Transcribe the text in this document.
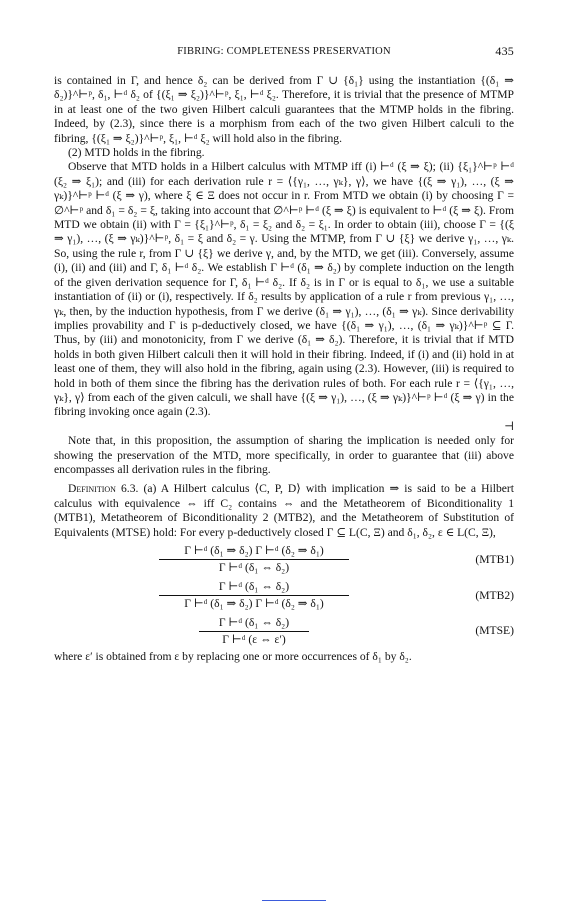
FIBRING: COMPLETENESS PRESERVATION	435

is contained in Γ, and hence δ₂ can be derived from Γ ∪ {δ₁} using the instantiation {(δ₁ ⇒ δ₂)}^⊢ᵖ, δ₁, ⊢ᵈ δ₂ of {(ξ₁ ⇒ ξ₂)}^⊢ᵖ, ξ₁, ⊢ᵈ ξ₂. Therefore, it is trivial that the presence of MTMP in at least one of the two given Hilbert calculi guarantees that the MTMP holds in the fibring. Indeed, by (2.3), since there is a morphism from each of the two given Hilbert calculi to the fibring, {(ξ₁ ⇒ ξ₂)}^⊢ᵖ, ξ₁, ⊢ᵈ ξ₂ will hold also in the fibring.

(2) MTD holds in the fibring.

Observe that MTD holds in a Hilbert calculus with MTMP iff (i) ⊢ᵈ (ξ ⇒ ξ); (ii) {ξ₁}^⊢ᵖ ⊢ᵈ (ξ₂ ⇒ ξ₁); and (iii) for each derivation rule r = ⟨{γ₁, …, γₖ}, γ⟩, we have {(ξ ⇒ γ₁), …, (ξ ⇒ γₖ)}^⊢ᵖ ⊢ᵈ (ξ ⇒ γ), where ξ ∈ Ξ does not occur in r. From MTD we obtain (i) by choosing Γ = ∅^⊢ᵖ and δ₁ = δ₂ = ξ, taking into account that ∅^⊢ᵖ ⊢ᵈ (ξ ⇒ ξ) is equivalent to ⊢ᵈ (ξ ⇒ ξ). From MTD we obtain (ii) with Γ = {ξ₁}^⊢ᵖ, δ₁ = ξ₂ and δ₂ = ξ₁. In order to obtain (iii), choose Γ = {(ξ ⇒ γ₁), …, (ξ ⇒ γₖ)}^⊢ᵖ, δ₁ = ξ and δ₂ = γ. Using the MTMP, from Γ ∪ {ξ} we derive γ₁, …, γₖ. So, using the rule r, from Γ ∪ {ξ} we derive γ, and, by the MTD, we get (iii). Conversely, assume (i), (ii) and (iii) and Γ, δ₁ ⊢ᵈ δ₂. We establish Γ ⊢ᵈ (δ₁ ⇒ δ₂) by complete induction on the length of the given derivation sequence for Γ, δ₁ ⊢ᵈ δ₂. If δ₂ is in Γ or is equal to δ₁, we use a suitable instantiation of (ii) or (i), respectively. If δ₂ results by application of a rule r from previous γ₁, …, γₖ, then, by the induction hypothesis, from Γ we derive (δ₁ ⇒ γ₁), …, (δ₁ ⇒ γₖ). Since derivability implies provability and Γ is p-deductively closed, we have {(δ₁ ⇒ γ₁), …, (δ₁ ⇒ γₖ)}^⊢ᵖ ⊆ Γ. Thus, by (iii) and monotonicity, from Γ we derive (δ₁ ⇒ δ₂). Therefore, it is trivial that if MTD holds in both given Hilbert calculi then it will hold in their fibring. Indeed, if (i) and (ii) hold in at least one of them, they will also hold in the fibring, again using (2.3). However, (iii) is required to hold in both of them since the fibring has the derivation rules of both. For each rule r = ⟨{γ₁, …, γₖ}, γ⟩ from each of the given calculi, we shall have {(ξ ⇒ γ₁), …, (ξ ⇒ γₖ)}^⊢ᵖ ⊢ᵈ (ξ ⇒ γ) in the fibring invoking once again (2.3).

⊣

Note that, in this proposition, the assumption of sharing the implication is needed only for showing the preservation of the MTD, more specifically, in order to guarantee that (iii) above encompasses all derivation rules in the fibring.

Definition 6.3. (a) A Hilbert calculus ⟨C, P, D⟩ with implication ⇒ is said to be a Hilbert calculus with equivalence ⇔ iff C₂ contains ⇔ and the Metatheorem of Biconditionality 1 (MTB1), Metatheorem of Biconditionality 2 (MTB2), and the Metatheorem of Substitution of Equivalents (MTSE) hold: For every p-deductively closed Γ ⊆ L(C, Ξ) and δ₁, δ₂, ε ∈ L(C, Ξ),

$\frac{\text{Γ ⊢ᵈ (δ₁ ⇒ δ₂) Γ ⊢ᵈ (δ₂ ⇒ δ₁)}}{\text{Γ ⊢ᵈ (δ₁ ⇔ δ₂)}}$	(MTB1)
$\frac{\text{Γ ⊢ᵈ (δ₁ ⇔ δ₂)}}{\text{Γ ⊢ᵈ (δ₁ ⇒ δ₂) Γ ⊢ᵈ (δ₂ ⇒ δ₁)}}$	(MTB2)
$\frac{\text{Γ ⊢ᵈ (δ₁ ⇔ δ₂)}}{\text{Γ ⊢ᵈ (ε ⇔ ε′)}}$	(MTSE)

where ε′ is obtained from ε by replacing one or more occurrences of δ₁ by δ₂.
